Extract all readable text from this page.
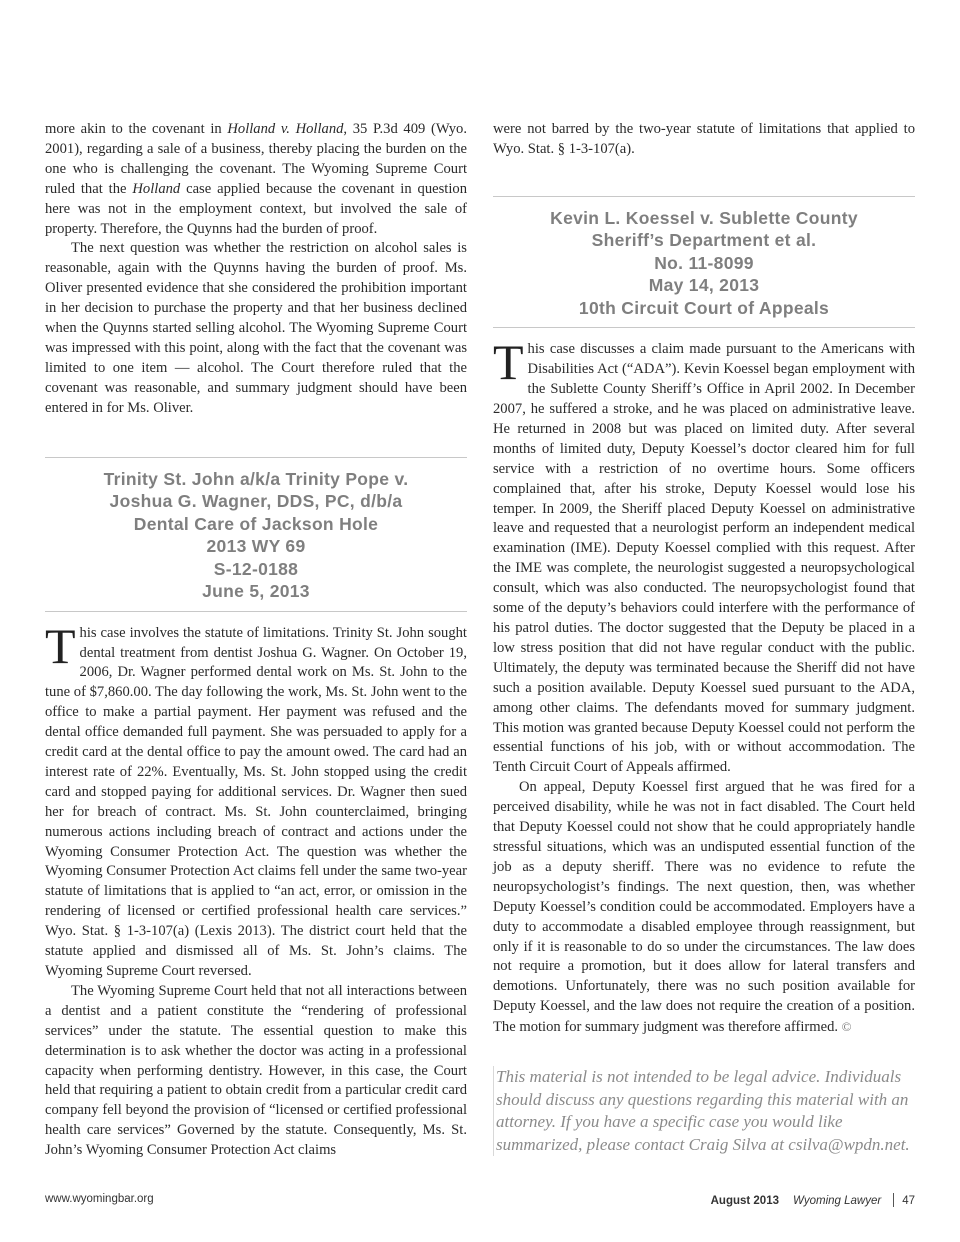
more akin to the covenant in Holland v. Holland, 35 P.3d 409 (Wyo. 2001), regarding a sale of a business, thereby placing the burden on the one who is challenging the covenant. The Wyoming Supreme Court ruled that the Holland case applied because the covenant in question here was not in the employment context, but involved the sale of property. Therefore, the Quynns had the burden of proof.

The next question was whether the restriction on alcohol sales is reasonable, again with the Quynns having the burden of proof. Ms. Oliver presented evidence that she considered the prohibition important in her decision to purchase the property and that her business declined when the Quynns started selling alcohol. The Wyoming Supreme Court was impressed with this point, along with the fact that the covenant was limited to one item — alcohol. The Court therefore ruled that the covenant was reasonable, and summary judgment should have been entered in for Ms. Oliver.

Trinity St. John a/k/a Trinity Pope v.
Joshua G. Wagner, DDS, PC, d/b/a
Dental Care of Jackson Hole
2013 WY 69
S-12-0188
June 5, 2013

This case involves the statute of limitations. Trinity St. John sought dental treatment from dentist Joshua G. Wagner. On October 19, 2006, Dr. Wagner performed dental work on Ms. St. John to the tune of $7,860.00. The day following the work, Ms. St. John went to the office to make a partial payment. Her payment was refused and the dental office demanded full payment. She was persuaded to apply for a credit card at the dental office to pay the amount owed. The card had an interest rate of 22%. Eventually, Ms. St. John stopped using the credit card and stopped paying for additional services. Dr. Wagner then sued her for breach of contract. Ms. St. John counterclaimed, bringing numerous actions including breach of contract and actions under the Wyoming Consumer Protection Act. The question was whether the Wyoming Consumer Protection Act claims fell under the same two-year statute of limitations that is applied to “an act, error, or omission in the rendering of licensed or certified professional health care services.” Wyo. Stat. § 1-3-107(a) (Lexis 2013). The district court held that the statute applied and dismissed all of Ms. St. John’s claims. The Wyoming Supreme Court reversed.

The Wyoming Supreme Court held that not all interactions between a dentist and a patient constitute the “rendering of professional services” under the statute. The essential question to make this determination is to ask whether the doctor was acting in a professional capacity when performing dentistry. However, in this case, the Court held that requiring a patient to obtain credit from a particular credit card company fell beyond the provision of “licensed or certified professional health care services” Governed by the statute. Consequently, Ms. St. John’s Wyoming Consumer Protection Act claims

were not barred by the two-year statute of limitations that applied to Wyo. Stat. § 1-3-107(a).

Kevin L. Koessel v. Sublette County
Sheriff’s Department et al.
No. 11-8099
May 14, 2013
10th Circuit Court of Appeals

This case discusses a claim made pursuant to the Americans with Disabilities Act (“ADA”). Kevin Koessel began employment with the Sublette County Sheriff’s Office in April 2002. In December 2007, he suffered a stroke, and he was placed on administrative leave. He returned in 2008 but was placed on limited duty. After several months of limited duty, Deputy Koessel’s doctor cleared him for full service with a restriction of no overtime hours. Some officers complained that, after his stroke, Deputy Koessel would lose his temper. In 2009, the Sheriff placed Deputy Koessel on administrative leave and requested that a neurologist perform an independent medical examination (IME). Deputy Koessel complied with this request. After the IME was complete, the neurologist suggested a neuropsychological consult, which was also conducted. The neuropsychologist found that some of the deputy’s behaviors could interfere with the performance of his patrol duties. The doctor suggested that the Deputy be placed in a low stress position that did not have regular conduct with the public. Ultimately, the deputy was terminated because the Sheriff did not have such a position available. Deputy Koessel sued pursuant to the ADA, among other claims. The defendants moved for summary judgment. This motion was granted because Deputy Koessel could not perform the essential functions of his job, with or without accommodation. The Tenth Circuit Court of Appeals affirmed.

On appeal, Deputy Koessel first argued that he was fired for a perceived disability, while he was not in fact disabled. The Court held that Deputy Koessel could not show that he could appropriately handle stressful situations, which was an undisputed essential function of the job as a deputy sheriff. There was no evidence to refute the neuropsychologist’s findings. The next question, then, was whether Deputy Koessel’s condition could be accommodated. Employers have a duty to accommodate a disabled employee through reassignment, but only if it is reasonable to do so under the circumstances. The law does not require a promotion, but it does allow for lateral transfers and demotions. Unfortunately, there was no such position available for Deputy Koessel, and the law does not require the creation of a position. The motion for summary judgment was therefore affirmed. ©

This material is not intended to be legal advice. Individuals should discuss any questions regarding this material with an attorney. If you have a specific case you would like summarized, please contact Craig Silva at csilva@wpdn.net.
www.wyomingbar.org	August 2013 Wyoming Lawyer 47
